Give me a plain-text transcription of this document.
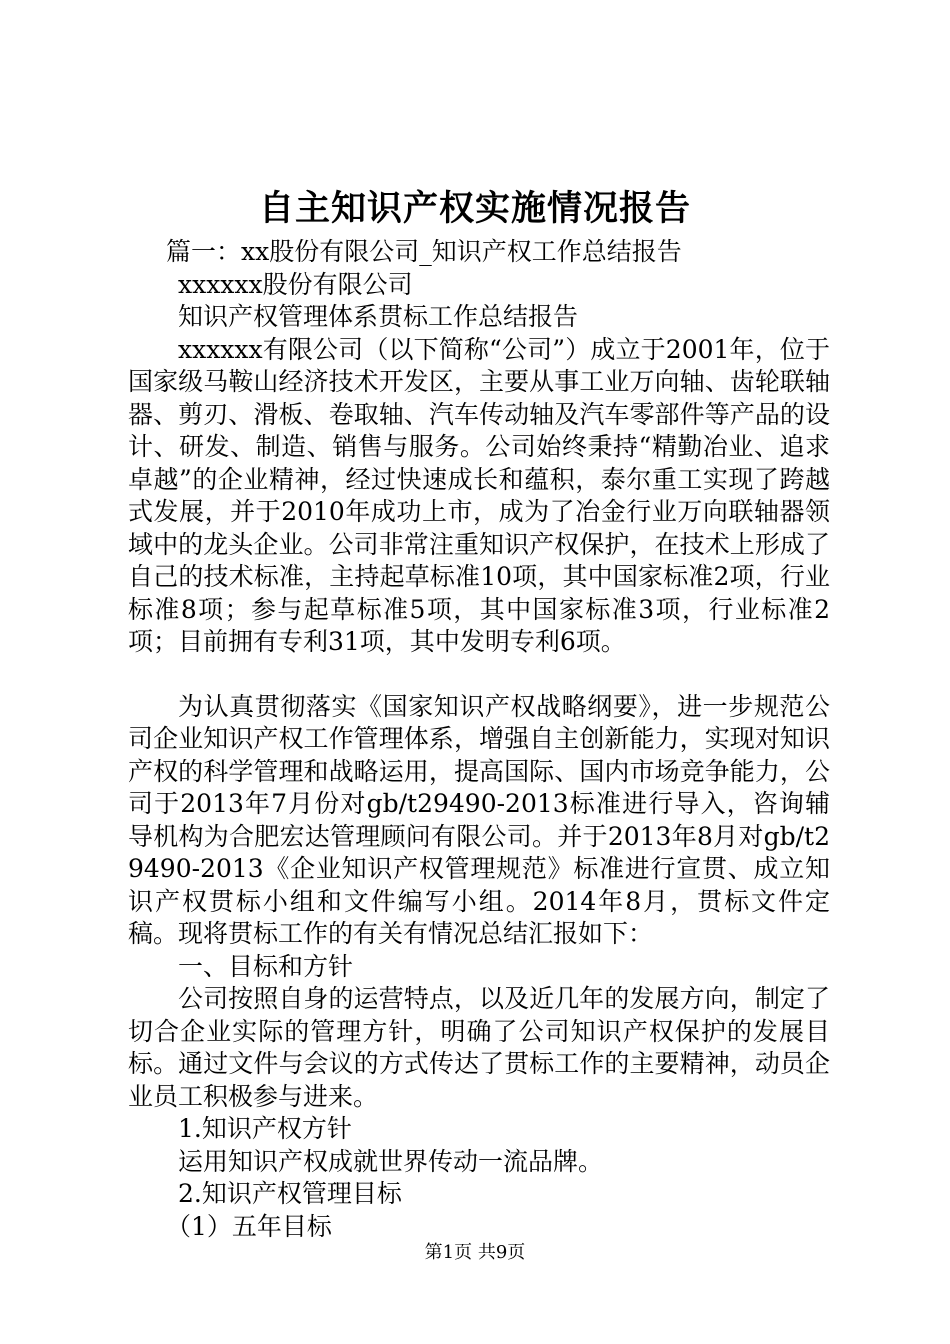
自主知识产权实施情况报告

篇一：xx股份有限公司_知识产权工作总结报告

xxxxxx股份有限公司

知识产权管理体系贯标工作总结报告

xxxxxx有限公司（以下简称“公司”）成立于2001年，位于国家级马鞍山经济技术开发区，主要从事工业万向轴、齿轮联轴器、剪刃、滑板、卷取轴、汽车传动轴及汽车零部件等产品的设计、研发、制造、销售与服务。公司始终秉持“精勤冶业、追求卓越”的企业精神，经过快速成长和蕴积，泰尔重工实现了跨越式发展，并于2010年成功上市，成为了冶金行业万向联轴器领域中的龙头企业。公司非常注重知识产权保护，在技术上形成了自己的技术标准，主持起草标准10项，其中国家标准2项，行业标准8项；参与起草标准5项，其中国家标准3项，行业标准2项；目前拥有专利31项，其中发明专利6项。

为认真贯彻落实《国家知识产权战略纲要》，进一步规范公司企业知识产权工作管理体系，增强自主创新能力，实现对知识产权的科学管理和战略运用，提高国际、国内市场竞争能力，公司于2013年7月份对gb/t29490-2013标准进行导入，咨询辅导机构为合肥宏达管理顾问有限公司。并于2013年8月对gb/t29490-2013《企业知识产权管理规范》标准进行宣贯、成立知识产权贯标小组和文件编写小组。2014年8月，贯标文件定稿。现将贯标工作的有关有情况总结汇报如下：

一、目标和方针

公司按照自身的运营特点，以及近几年的发展方向，制定了切合企业实际的管理方针，明确了公司知识产权保护的发展目标。通过文件与会议的方式传达了贯标工作的主要精神，动员企业员工积极参与进来。

1.知识产权方针

运用知识产权成就世界传动一流品牌。

2.知识产权管理目标

（1）五年目标

第1页 共9页
